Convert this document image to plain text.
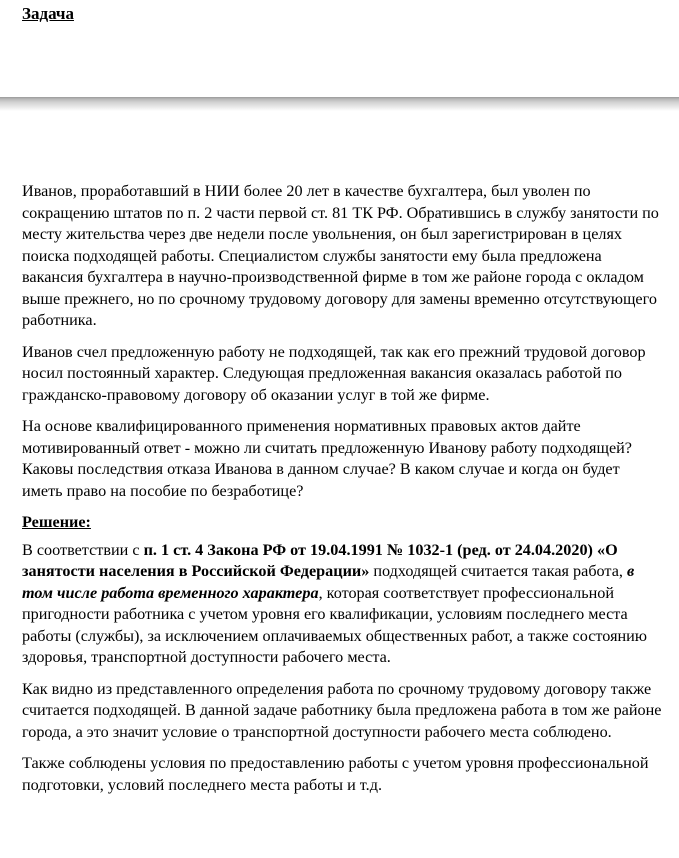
Задача

Иванов, проработавший в НИИ более 20 лет в качестве бухгалтера, был уволен по сокращению штатов по п. 2 части первой ст. 81 ТК РФ. Обратившись в службу занятости по месту жительства через две недели после увольнения, он был зарегистрирован в целях поиска подходящей работы. Специалистом службы занятости ему была предложена вакансия бухгалтера в научно-производственной фирме в том же районе города с окладом выше прежнего, но по срочному трудовому договору для замены временно отсутствующего работника.

Иванов счел предложенную работу не подходящей, так как его прежний трудовой договор носил постоянный характер. Следующая предложенная вакансия оказалась работой по гражданско-правовому договору об оказании услуг в той же фирме.

На основе квалифицированного применения нормативных правовых актов дайте мотивированный ответ - можно ли считать предложенную Иванову работу подходящей? Каковы последствия отказа Иванова в данном случае? В каком случае и когда он будет иметь право на пособие по безработице?

Решение:

В соответствии с п. 1 ст. 4 Закона РФ от 19.04.1991 № 1032-1 (ред. от 24.04.2020) «О занятости населения в Российской Федерации» подходящей считается такая работа, в том числе работа временного характера, которая соответствует профессиональной пригодности работника с учетом уровня его квалификации, условиям последнего места работы (службы), за исключением оплачиваемых общественных работ, а также состоянию здоровья, транспортной доступности рабочего места.

Как видно из представленного определения работа по срочному трудовому договору также считается подходящей. В данной задаче работнику была предложена работа в том же районе города, а это значит условие о транспортной доступности рабочего места соблюдено.

Также соблюдены условия по предоставлению работы с учетом уровня профессиональной подготовки, условий последнего места работы и т.д.
